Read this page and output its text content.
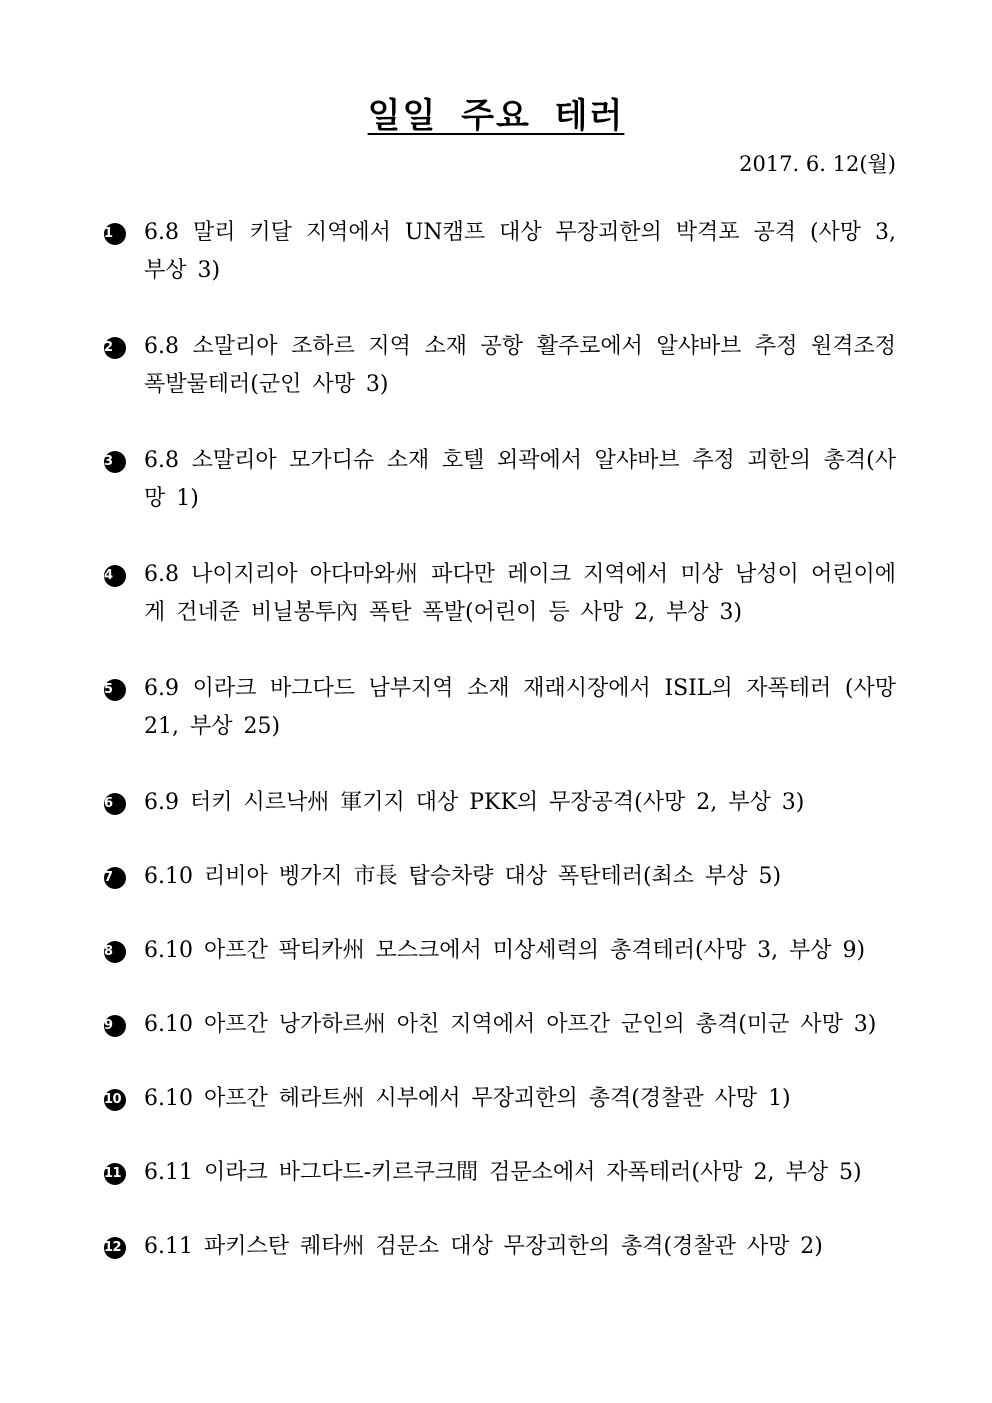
일일 주요 테러
2017. 6. 12(월)
1	6.8 말리 키달 지역에서 UN캠프 대상 무장괴한의 박격포 공격 (사망 3, 부상 3)
2	6.8 소말리아 조하르 지역 소재 공항 활주로에서 알샤바브 추정 원격조정 폭발물테러(군인 사망 3)
3	6.8 소말리아 모가디슈 소재 호텔 외곽에서 알샤바브 추정 괴한의 총격(사망 1)
4	6.8 나이지리아 아다마와州 파다만 레이크 지역에서 미상 남성이 어린이에게 건네준 비닐봉투內 폭탄 폭발(어린이 등 사망 2, 부상 3)
5	6.9 이라크 바그다드 남부지역 소재 재래시장에서 ISIL의 자폭테러 (사망 21, 부상 25)
6	6.9 터키 시르낙州 軍기지 대상 PKK의 무장공격(사망 2, 부상 3)
7	6.10 리비아 벵가지 市長 탑승차량 대상 폭탄테러(최소 부상 5)
8	6.10 아프간 팍티카州 모스크에서 미상세력의 총격테러(사망 3, 부상 9)
9	6.10 아프간 낭가하르州 아친 지역에서 아프간 군인의 총격(미군 사망 3)
10 6.10 아프간 헤라트州 시부에서 무장괴한의 총격(경찰관 사망 1)
11 6.11 이라크 바그다드-키르쿠크間 검문소에서 자폭테러(사망 2, 부상 5)
12 6.11 파키스탄 퀘타州 검문소 대상 무장괴한의 총격(경찰관 사망 2)
